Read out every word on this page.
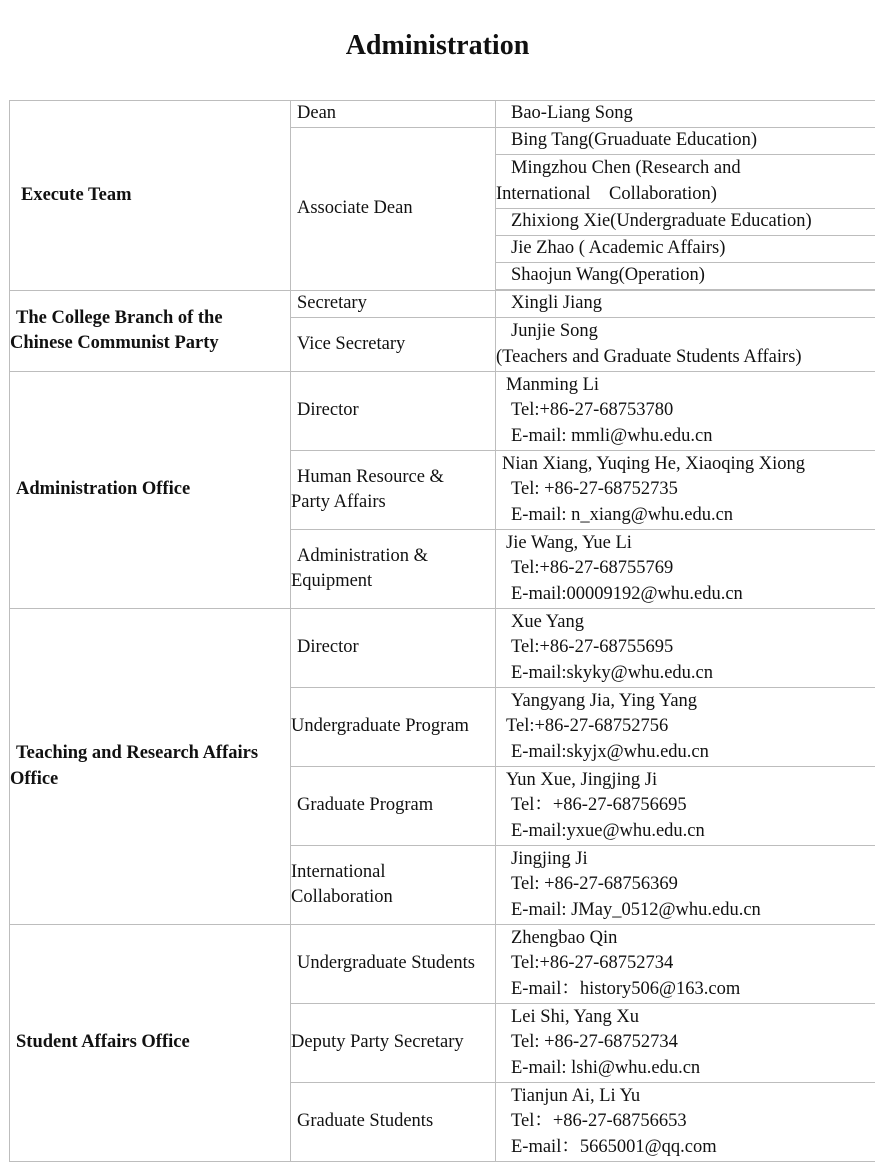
Administration
Execute Team	Dean	Bao-Liang Song
	Associate Dean	Bing Tang(Gruaduate Education)

		Mingzhou Chen (Research and
International    Collaboration)

		Zhixiong Xie(Undergraduate Education)
		Jie Zhao ( Academic Affairs)
		Shaojun Wang(Operation)

The College Branch of the
Chinese Communist Party	Secretary	Xingli Jiang
	Vice Secretary	Junjie Song
(Teachers and Graduate Students Affairs)

Administration Office	Director	Manming Li
Tel:+86-27-68753780
E-mail: mmli@whu.edu.cn

	Human Resource &
Party Affairs	Nian Xiang, Yuqing He, Xiaoqing Xiong
Tel: +86-27-68752735
E-mail: n_xiang@whu.edu.cn

	Administration &
Equipment	Jie Wang, Yue Li
Tel:+86-27-68755769
E-mail:00009192@whu.edu.cn

Teaching and Research Affairs
Office	Director	Xue Yang
Tel:+86-27-68755695
E-mail:skyky@whu.edu.cn

	Undergraduate Program	Yangyang Jia, Ying Yang
Tel:+86-27-68752756
E-mail:skyjx@whu.edu.cn

	Graduate Program	Yun Xue, Jingjing Ji
Tel：+86-27-68756695
E-mail:yxue@whu.edu.cn

	International
Collaboration	Jingjing Ji
Tel: +86-27-68756369
E-mail: JMay_0512@whu.edu.cn

Student Affairs Office	Undergraduate Students	Zhengbao Qin
Tel:+86-27-68752734
E-mail：history506@163.com

	Deputy Party Secretary	Lei Shi, Yang Xu
Tel: +86-27-68752734
E-mail: lshi@whu.edu.cn

	Graduate Students	Tianjun Ai, Li Yu
Tel：+86-27-68756653
E-mail：5665001@qq.com
